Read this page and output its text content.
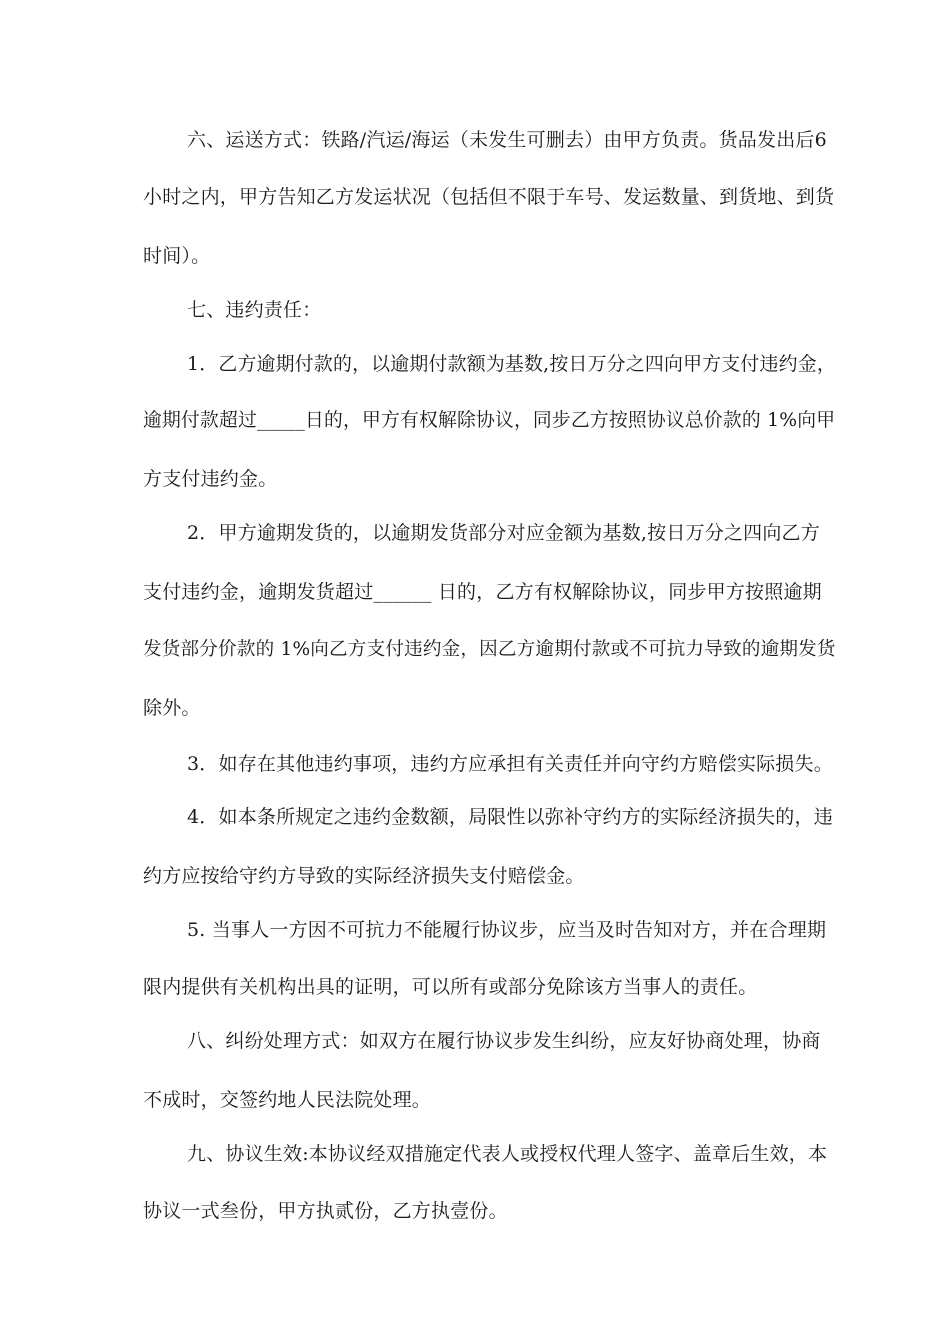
六、运送方式：铁路/汽运/海运（未发生可删去）由甲方负责。货品发出后6
小时之内，甲方告知乙方发运状况（包括但不限于车号、发运数量、到货地、到货
时间）。
七、违约责任：
1．乙方逾期付款的，以逾期付款额为基数,按日万分之四向甲方支付违约金，
逾期付款超过_____日的，甲方有权解除协议，同步乙方按照协议总价款的 1%向甲
方支付违约金。
2．甲方逾期发货的，以逾期发货部分对应金额为基数,按日万分之四向乙方
支付违约金，逾期发货超过______ 日的，乙方有权解除协议，同步甲方按照逾期
发货部分价款的 1%向乙方支付违约金，因乙方逾期付款或不可抗力导致的逾期发货
除外。
3．如存在其他违约事项，违约方应承担有关责任并向守约方赔偿实际损失。
4．如本条所规定之违约金数额，局限性以弥补守约方的实际经济损失的，违
约方应按给守约方导致的实际经济损失支付赔偿金。
5. 当事人一方因不可抗力不能履行协议步，应当及时告知对方，并在合理期
限内提供有关机构出具的证明，可以所有或部分免除该方当事人的责任。
八、纠纷处理方式：如双方在履行协议步发生纠纷，应友好协商处理，协商
不成时，交签约地人民法院处理。
九、协议生效:本协议经双措施定代表人或授权代理人签字、盖章后生效，本
协议一式叁份，甲方执贰份，乙方执壹份。
